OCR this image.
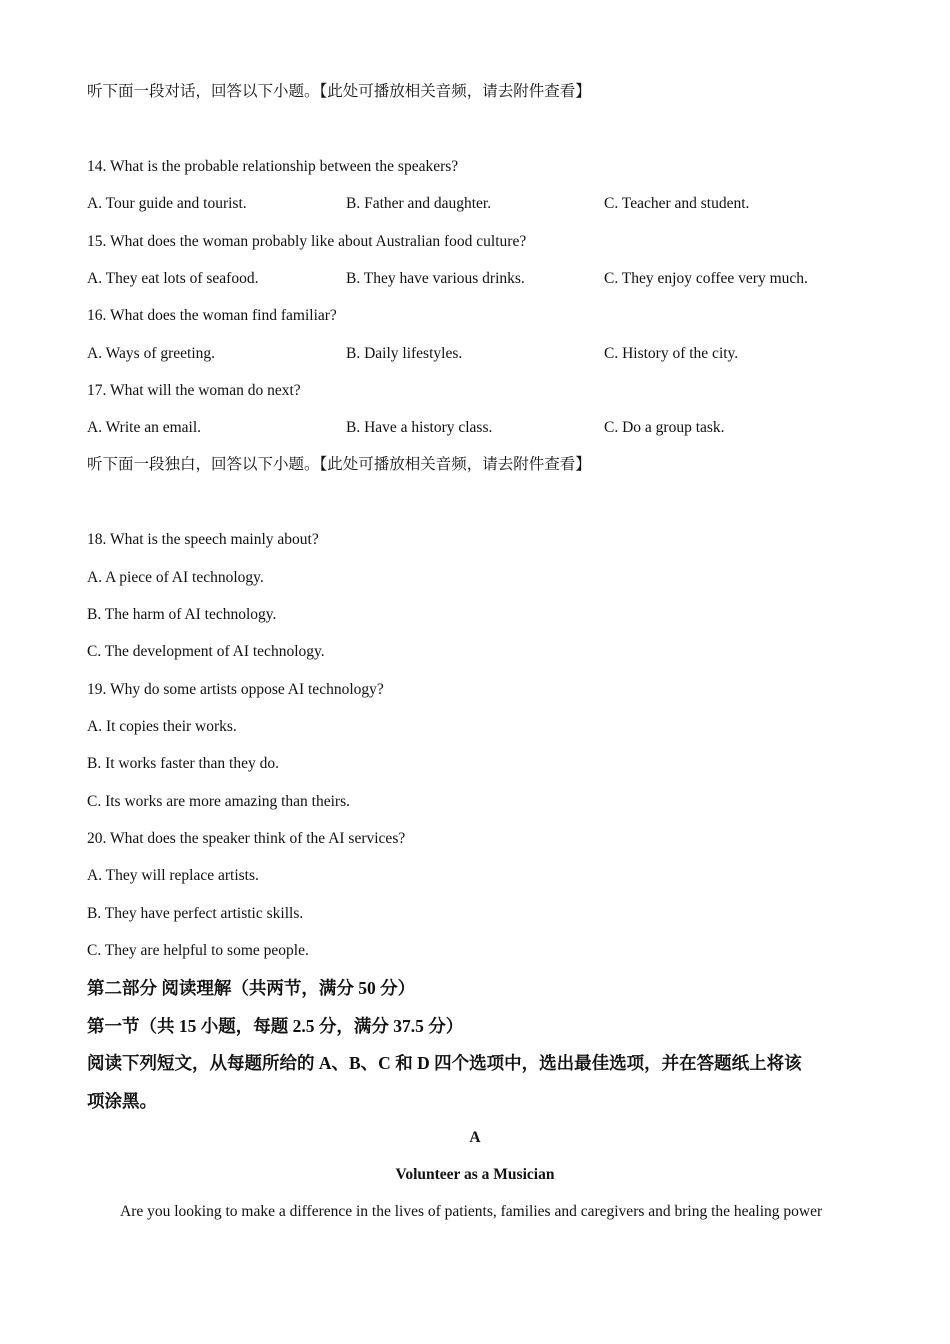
听下面一段对话，回答以下小题。【此处可播放相关音频，请去附件查看】
14. What is the probable relationship between the speakers?
A. Tour guide and tourist.	B. Father and daughter.	C. Teacher and student.
15. What does the woman probably like about Australian food culture?
A. They eat lots of seafood.	B. They have various drinks.	C. They enjoy coffee very much.
16. What does the woman find familiar?
A. Ways of greeting.	B. Daily lifestyles.	C. History of the city.
17. What will the woman do next?
A. Write an email.	B. Have a history class.	C. Do a group task.
听下面一段独白，回答以下小题。【此处可播放相关音频，请去附件查看】
18. What is the speech mainly about?
A. A piece of AI technology.
B. The harm of AI technology.
C. The development of AI technology.
19. Why do some artists oppose AI technology?
A. It copies their works.
B. It works faster than they do.
C. Its works are more amazing than theirs.
20. What does the speaker think of the AI services?
A. They will replace artists.
B. They have perfect artistic skills.
C. They are helpful to some people.
第二部分 阅读理解（共两节，满分 50 分）
第一节（共 15 小题，每题 2.5 分，满分 37.5 分）
阅读下列短文，从每题所给的 A、B、C 和 D 四个选项中，选出最佳选项，并在答题纸上将该
项涂黑。
A
Volunteer as a Musician
Are you looking to make a difference in the lives of patients, families and caregivers and bring the healing power
